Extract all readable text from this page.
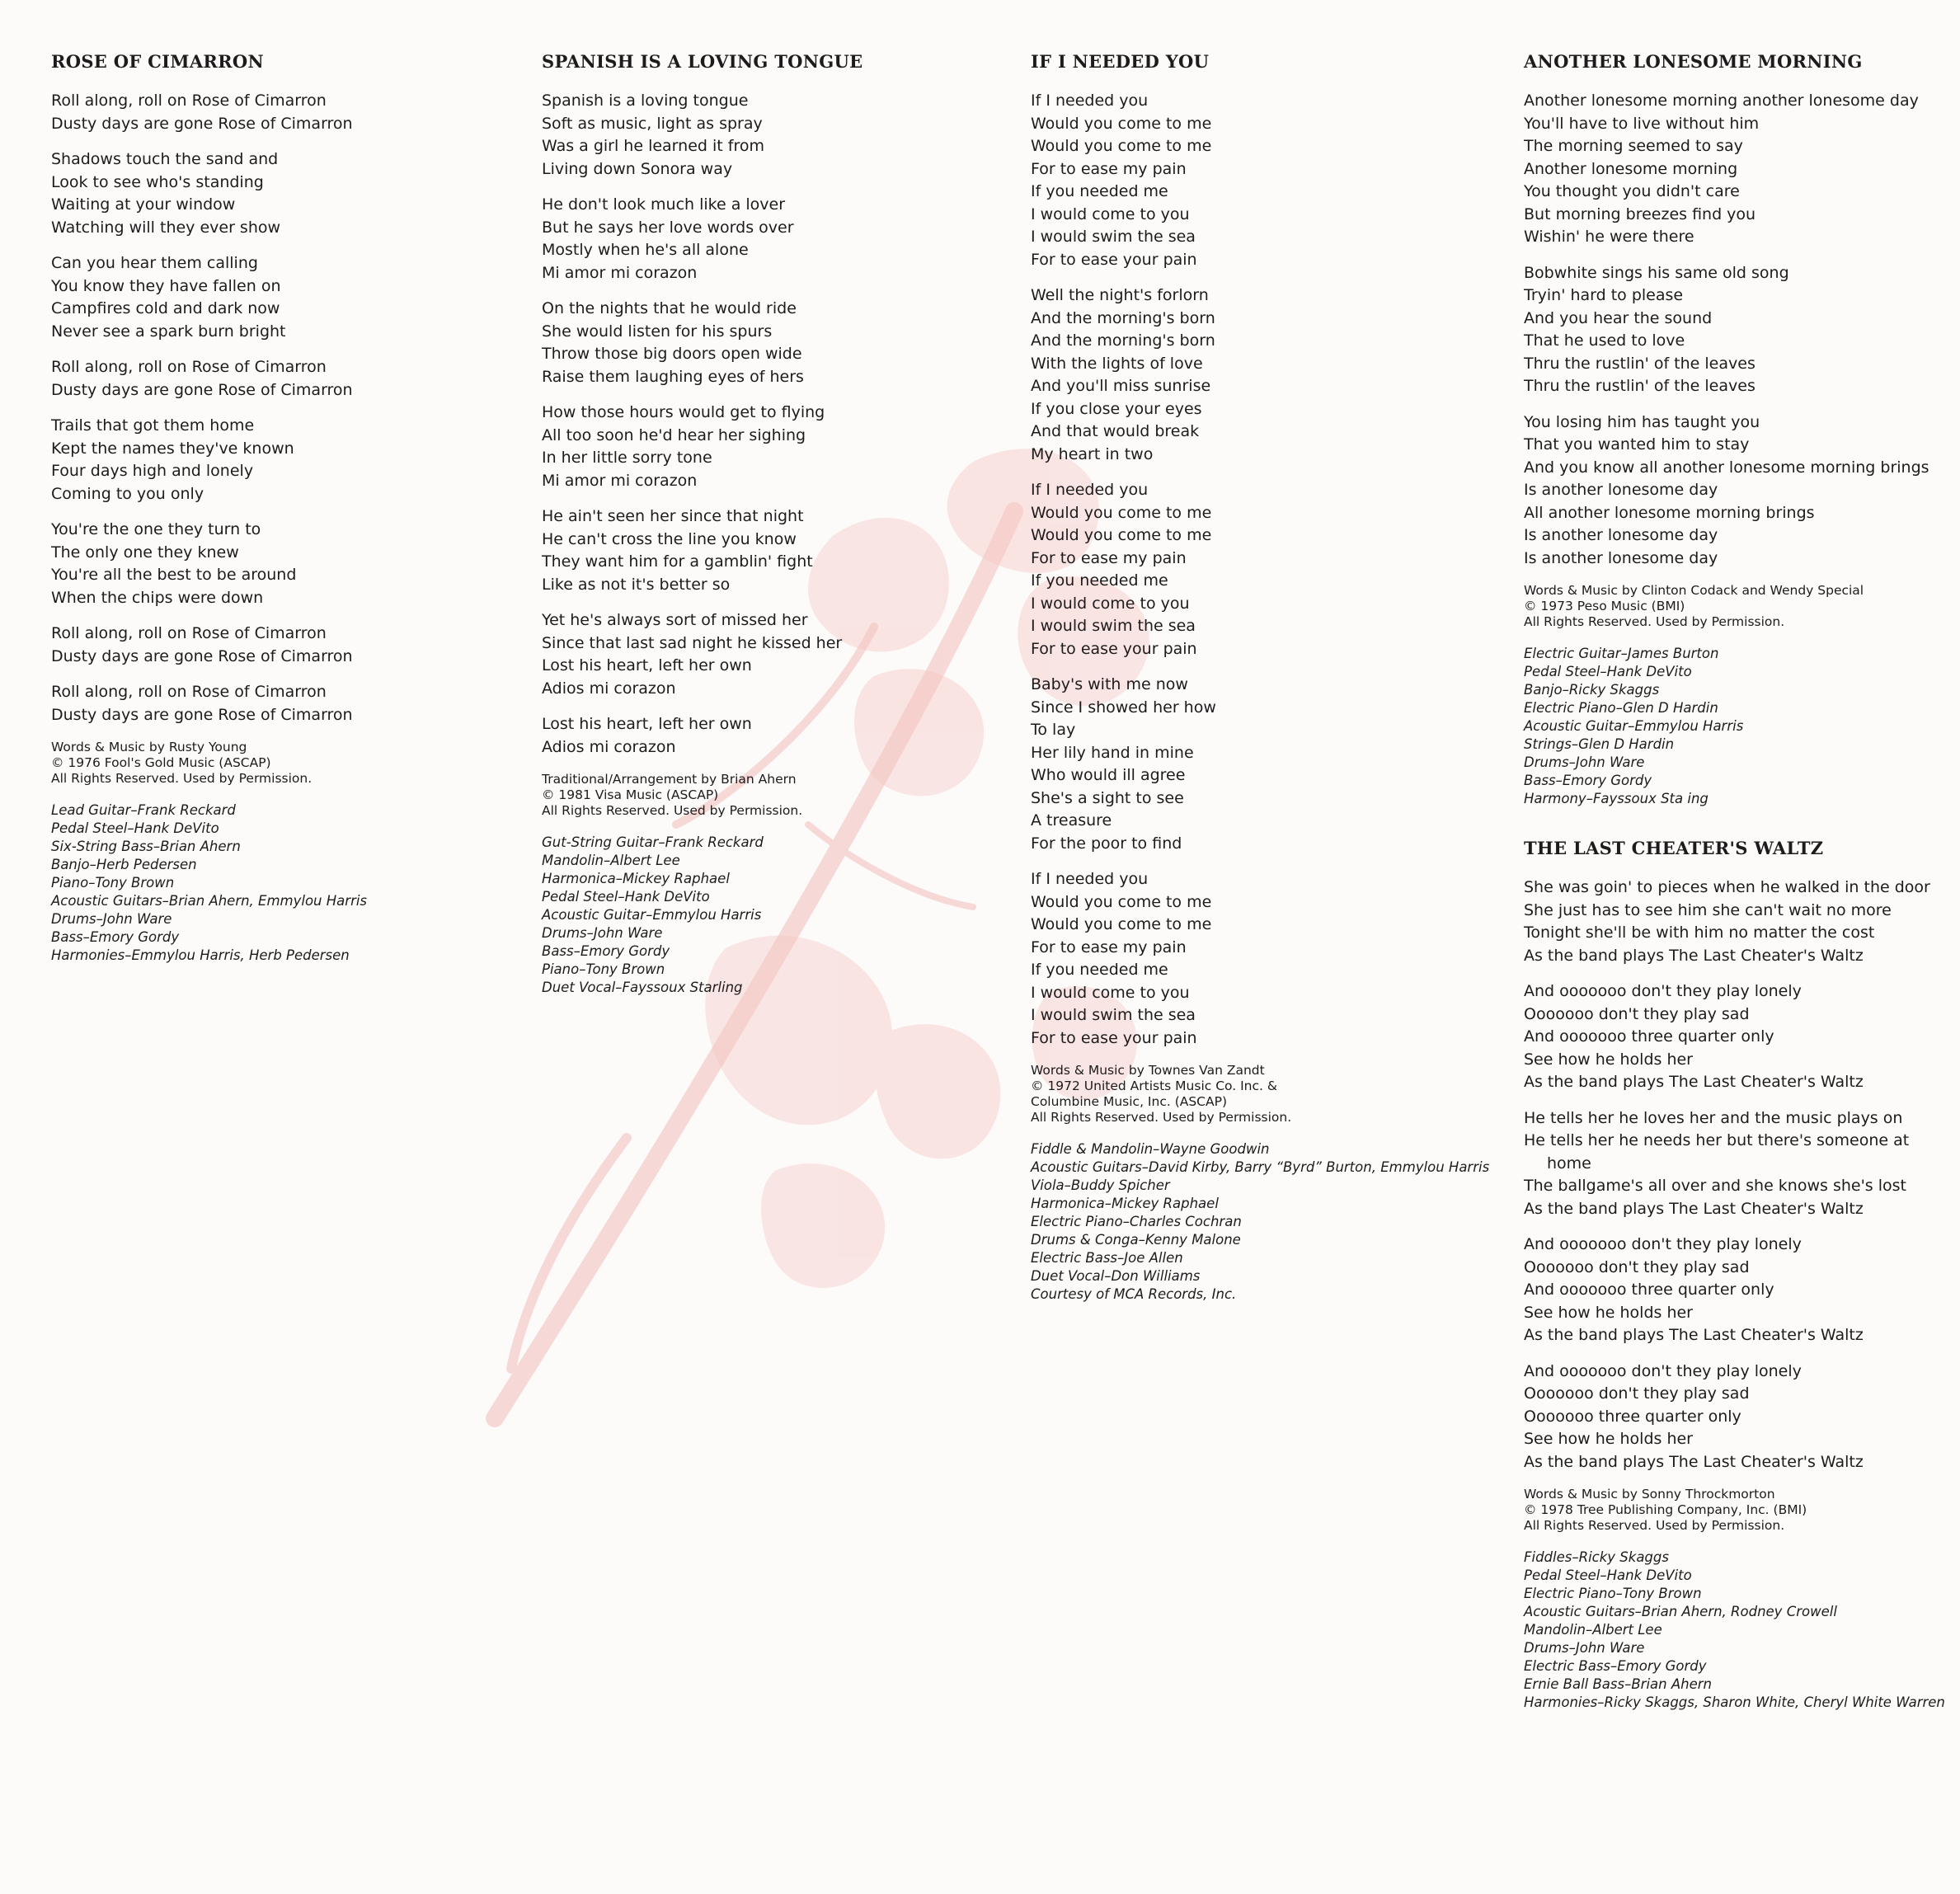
ROSE OF CIMARRON
Roll along, roll on Rose of Cimarron
Dusty days are gone Rose of Cimarron
Shadows touch the sand and
Look to see who's standing
Waiting at your window
Watching will they ever show
Can you hear them calling
You know they have fallen on
Campfires cold and dark now
Never see a spark burn bright
Roll along, roll on Rose of Cimarron
Dusty days are gone Rose of Cimarron
Trails that got them home
Kept the names they've known
Four days high and lonely
Coming to you only
You're the one they turn to
The only one they knew
You're all the best to be around
When the chips were down
Roll along, roll on Rose of Cimarron
Dusty days are gone Rose of Cimarron
Roll along, roll on Rose of Cimarron
Dusty days are gone Rose of Cimarron
Words & Music by Rusty Young
© 1976 Fool's Gold Music (ASCAP)
All Rights Reserved. Used by Permission.
Lead Guitar–Frank Reckard
Pedal Steel–Hank DeVito
Six-String Bass–Brian Ahern
Banjo–Herb Pedersen
Piano–Tony Brown
Acoustic Guitars–Brian Ahern, Emmylou Harris
Drums–John Ware
Bass–Emory Gordy
Harmonies–Emmylou Harris, Herb Pedersen
SPANISH IS A LOVING TONGUE
Spanish is a loving tongue
Soft as music, light as spray
Was a girl he learned it from
Living down Sonora way
He don't look much like a lover
But he says her love words over
Mostly when he's all alone
Mi amor mi corazon
On the nights that he would ride
She would listen for his spurs
Throw those big doors open wide
Raise them laughing eyes of hers
How those hours would get to flying
All too soon he'd hear her sighing
In her little sorry tone
Mi amor mi corazon
He ain't seen her since that night
He can't cross the line you know
They want him for a gamblin' fight
Like as not it's better so
Yet he's always sort of missed her
Since that last sad night he kissed her
Lost his heart, left her own
Adios mi corazon
Lost his heart, left her own
Adios mi corazon
Traditional/Arrangement by Brian Ahern
© 1981 Visa Music (ASCAP)
All Rights Reserved. Used by Permission.
Gut-String Guitar–Frank Reckard
Mandolin–Albert Lee
Harmonica–Mickey Raphael
Pedal Steel–Hank DeVito
Acoustic Guitar–Emmylou Harris
Drums–John Ware
Bass–Emory Gordy
Piano–Tony Brown
Duet Vocal–Fayssoux Starling
IF I NEEDED YOU
If I needed you
Would you come to me
Would you come to me
For to ease my pain
If you needed me
I would come to you
I would swim the sea
For to ease your pain
Well the night's forlorn
And the morning's born
And the morning's born
With the lights of love
And you'll miss sunrise
If you close your eyes
And that would break
My heart in two
If I needed you
Would you come to me
Would you come to me
For to ease my pain
If you needed me
I would come to you
I would swim the sea
For to ease your pain
Baby's with me now
Since I showed her how
To lay
Her lily hand in mine
Who would ill agree
She's a sight to see
A treasure
For the poor to find
If I needed you
Would you come to me
Would you come to me
For to ease my pain
If you needed me
I would come to you
I would swim the sea
For to ease your pain
Words & Music by Townes Van Zandt
© 1972 United Artists Music Co. Inc. &
Columbine Music, Inc. (ASCAP)
All Rights Reserved. Used by Permission.
Fiddle & Mandolin–Wayne Goodwin
Acoustic Guitars–David Kirby, Barry “Byrd” Burton, Emmylou Harris
Viola–Buddy Spicher
Harmonica–Mickey Raphael
Electric Piano–Charles Cochran
Drums & Conga–Kenny Malone
Electric Bass–Joe Allen
Duet Vocal–Don Williams
Courtesy of MCA Records, Inc.
ANOTHER LONESOME MORNING
Another lonesome morning another lonesome day
You'll have to live without him
The morning seemed to say
Another lonesome morning
You thought you didn't care
But morning breezes find you
Wishin' he were there
Bobwhite sings his same old song
Tryin' hard to please
And you hear the sound
That he used to love
Thru the rustlin' of the leaves
Thru the rustlin' of the leaves
You losing him has taught you
That you wanted him to stay
And you know all another lonesome morning brings
Is another lonesome day
All another lonesome morning brings
Is another lonesome day
Is another lonesome day
Words & Music by Clinton Codack and Wendy Special
© 1973 Peso Music (BMI)
All Rights Reserved. Used by Permission.
Electric Guitar–James Burton
Pedal Steel–Hank DeVito
Banjo–Ricky Skaggs
Electric Piano–Glen D Hardin
Acoustic Guitar–Emmylou Harris
Strings–Glen D Hardin
Drums–John Ware
Bass–Emory Gordy
Harmony–Fayssoux Sta ing
THE LAST CHEATER'S WALTZ
She was goin' to pieces when he walked in the door
She just has to see him she can't wait no more
Tonight she'll be with him no matter the cost
As the band plays The Last Cheater's Waltz
And ooooooo don't they play lonely
Ooooooo don't they play sad
And ooooooo three quarter only
See how he holds her
As the band plays The Last Cheater's Waltz
He tells her he loves her and the music plays on
He tells her he needs her but there's someone at home
The ballgame's all over and she knows she's lost
As the band plays The Last Cheater's Waltz
And ooooooo don't they play lonely
Ooooooo don't they play sad
And ooooooo three quarter only
See how he holds her
As the band plays The Last Cheater's Waltz
And ooooooo don't they play lonely
Ooooooo don't they play sad
Ooooooo three quarter only
See how he holds her
As the band plays The Last Cheater's Waltz
Words & Music by Sonny Throckmorton
© 1978 Tree Publishing Company, Inc. (BMI)
All Rights Reserved. Used by Permission.
Fiddles–Ricky Skaggs
Pedal Steel–Hank DeVito
Electric Piano–Tony Brown
Acoustic Guitars–Brian Ahern, Rodney Crowell
Mandolin–Albert Lee
Drums–John Ware
Electric Bass–Emory Gordy
Ernie Ball Bass–Brian Ahern
Harmonies–Ricky Skaggs, Sharon White, Cheryl White Warren
